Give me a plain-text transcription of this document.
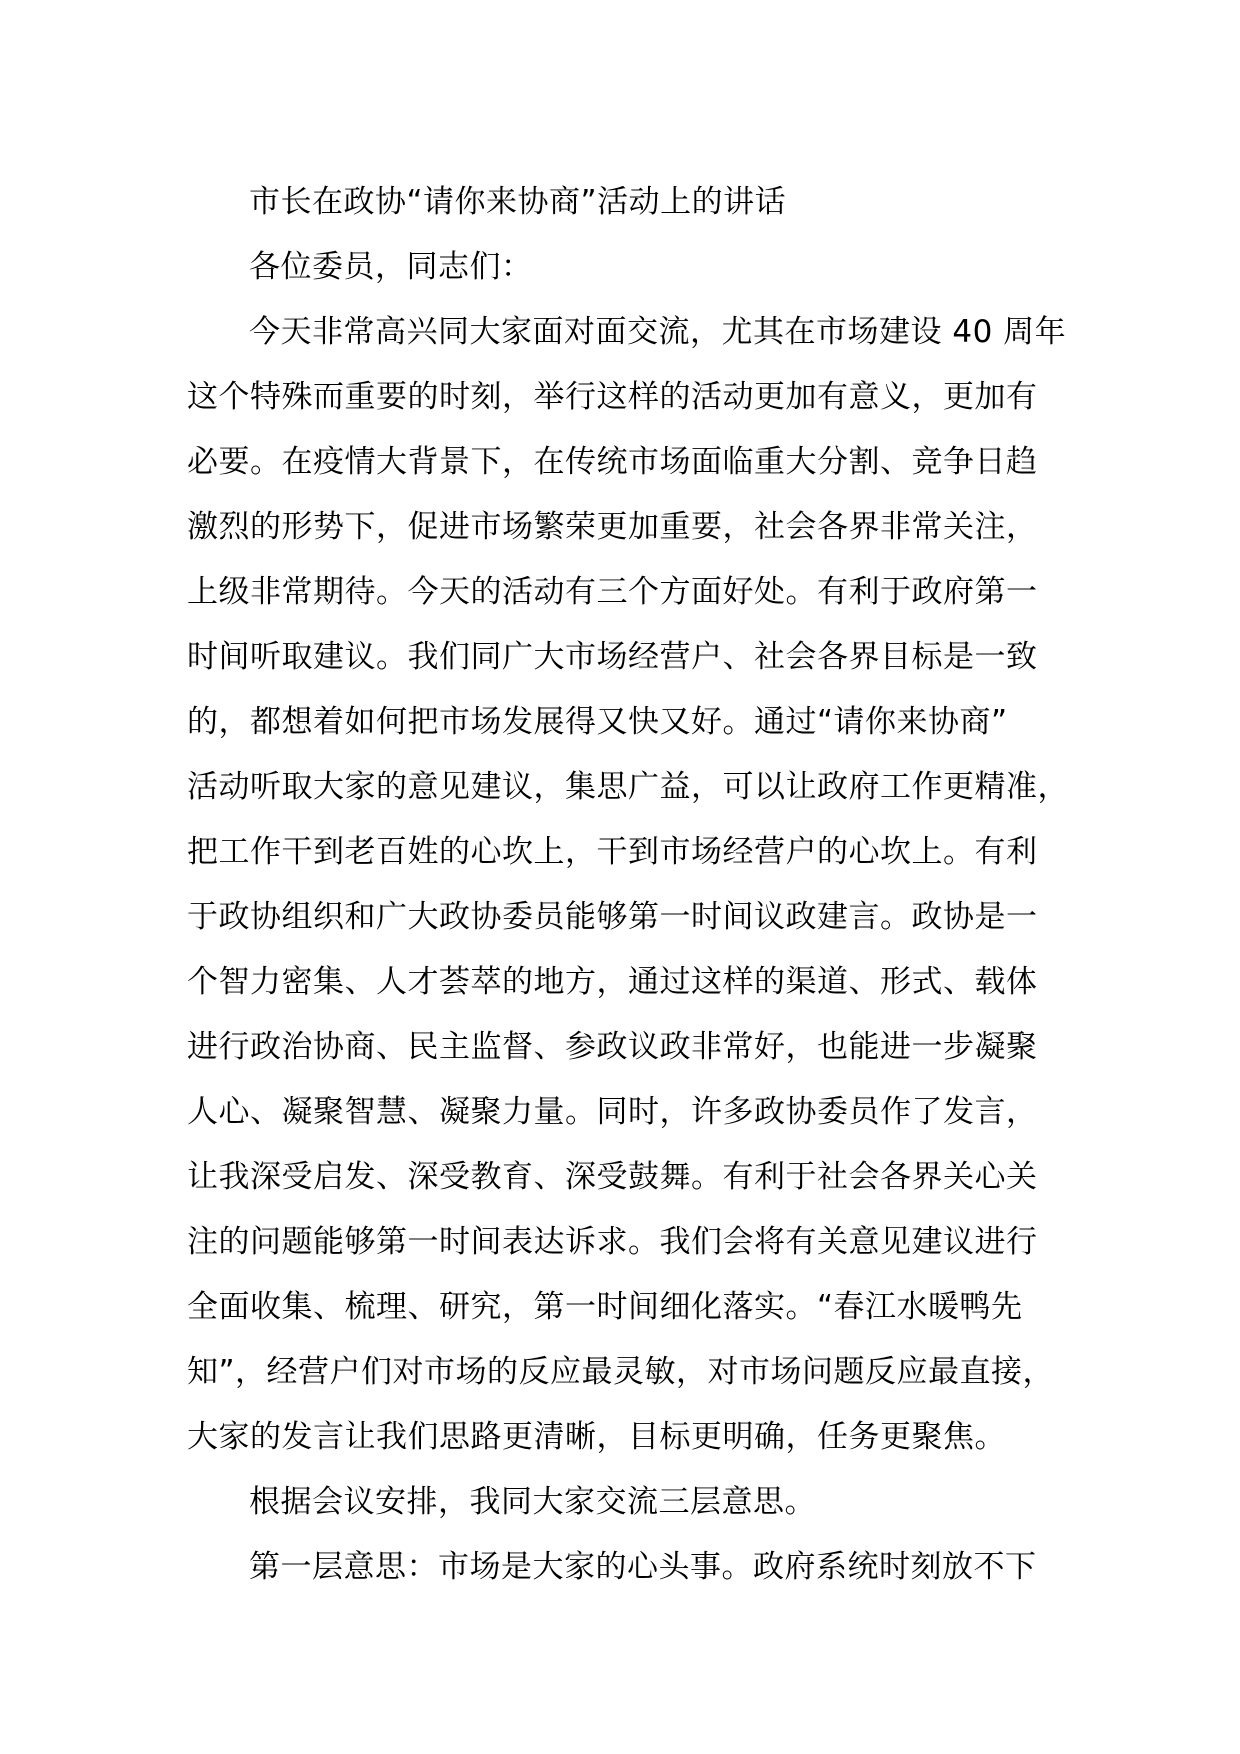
市长在政协“请你来协商”活动上的讲话
各位委员，同志们：
今天非常高兴同大家面对面交流，尤其在市场建设 40 周年
这个特殊而重要的时刻，举行这样的活动更加有意义，更加有
必要。在疫情大背景下，在传统市场面临重大分割、竞争日趋
激烈的形势下，促进市场繁荣更加重要，社会各界非常关注，
上级非常期待。今天的活动有三个方面好处。有利于政府第一
时间听取建议。我们同广大市场经营户、社会各界目标是一致
的，都想着如何把市场发展得又快又好。通过“请你来协商”
活动听取大家的意见建议，集思广益，可以让政府工作更精准，
把工作干到老百姓的心坎上，干到市场经营户的心坎上。有利
于政协组织和广大政协委员能够第一时间议政建言。政协是一
个智力密集、人才荟萃的地方，通过这样的渠道、形式、载体
进行政治协商、民主监督、参政议政非常好，也能进一步凝聚
人心、凝聚智慧、凝聚力量。同时，许多政协委员作了发言，
让我深受启发、深受教育、深受鼓舞。有利于社会各界关心关
注的问题能够第一时间表达诉求。我们会将有关意见建议进行
全面收集、梳理、研究，第一时间细化落实。“春江水暖鸭先
知”，经营户们对市场的反应最灵敏，对市场问题反应最直接，
大家的发言让我们思路更清晰，目标更明确，任务更聚焦。
根据会议安排，我同大家交流三层意思。
第一层意思：市场是大家的心头事。政府系统时刻放不下
